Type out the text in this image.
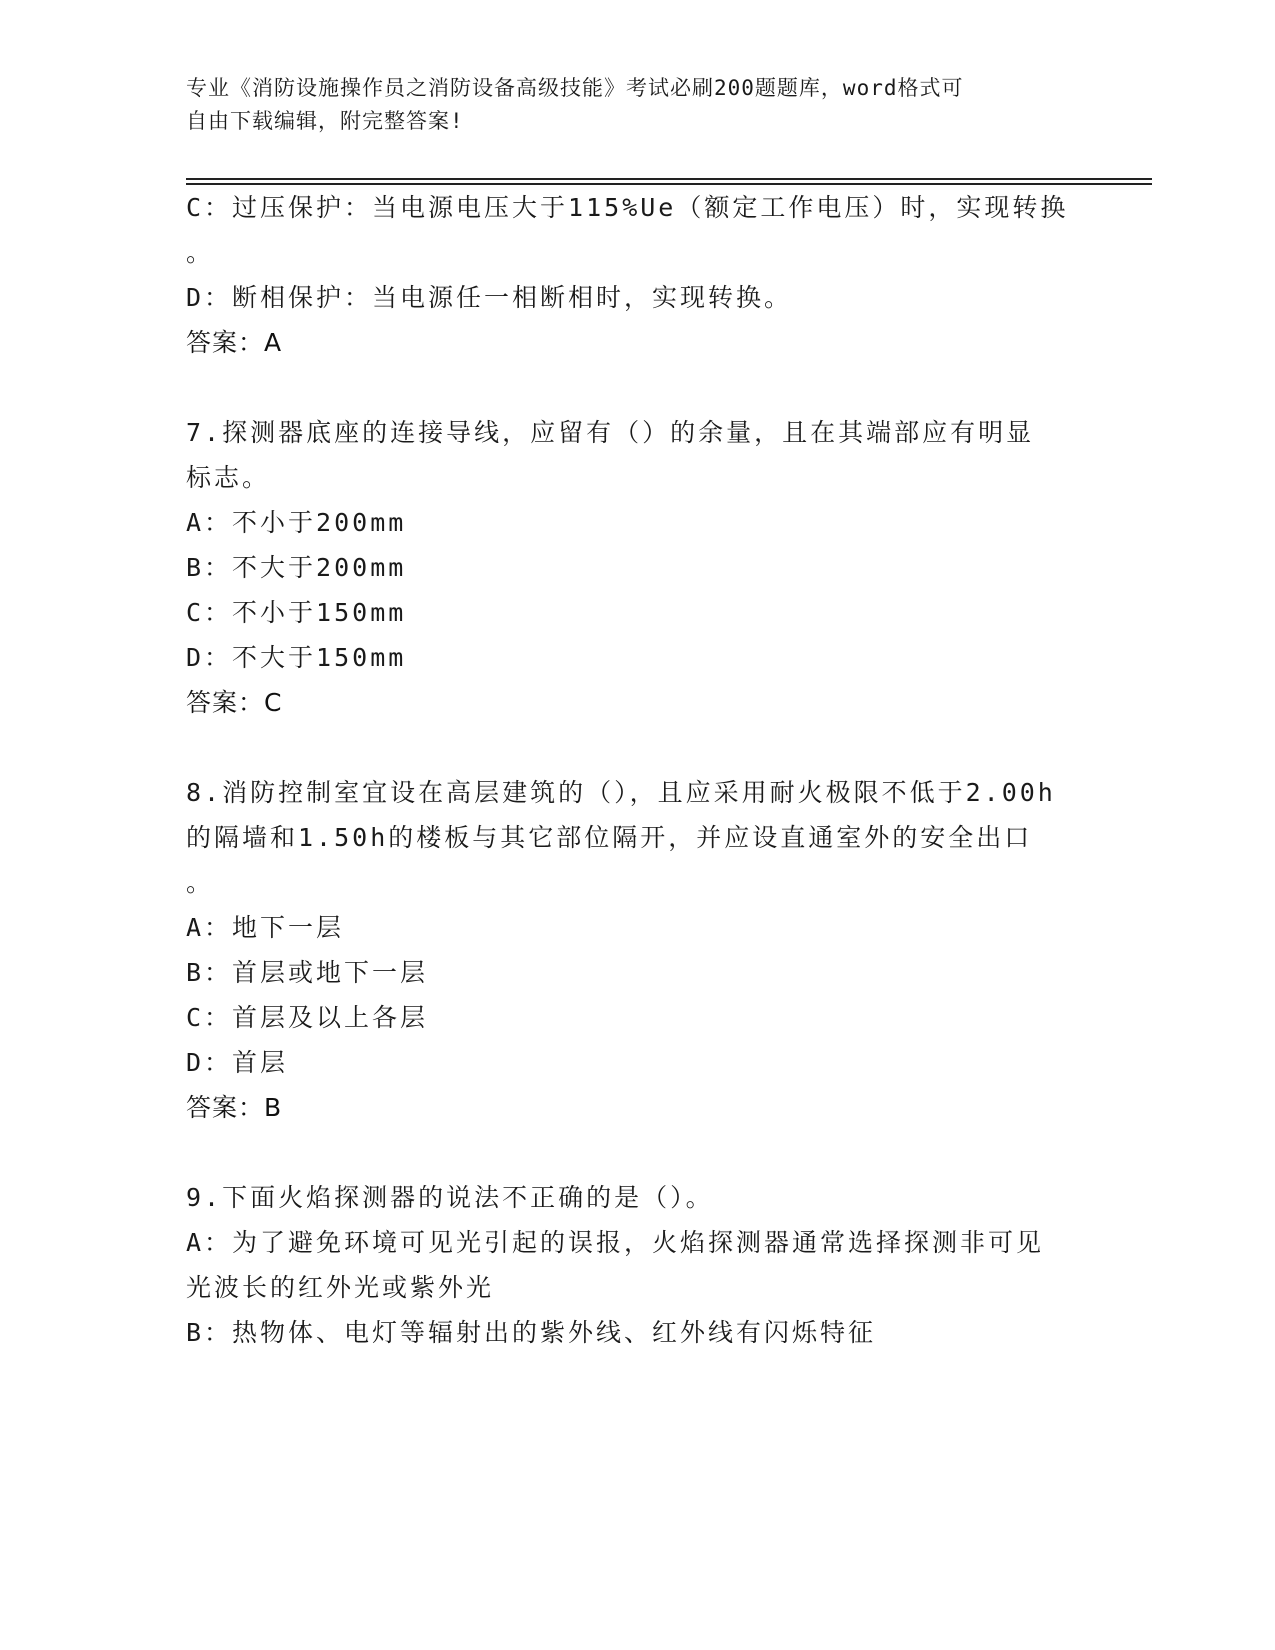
专业《消防设施操作员之消防设备高级技能》考试必刷200题题库，word格式可
自由下载编辑，附完整答案!
C：过压保护：当电源电压大于115%Ue（额定工作电压）时，实现转换
。
D：断相保护：当电源任一相断相时，实现转换。
答案：A
7.探测器底座的连接导线，应留有（）的余量，且在其端部应有明显
标志。
A：不小于200mm
B：不大于200mm
C：不小于150mm
D：不大于150mm
答案：C
8.消防控制室宜设在高层建筑的（），且应采用耐火极限不低于2.00h
的隔墙和1.50h的楼板与其它部位隔开，并应设直通室外的安全出口
。
A：地下一层
B：首层或地下一层
C：首层及以上各层
D：首层
答案：B
9.下面火焰探测器的说法不正确的是（）。
A：为了避免环境可见光引起的误报，火焰探测器通常选择探测非可见
光波长的红外光或紫外光
B：热物体、电灯等辐射出的紫外线、红外线有闪烁特征
